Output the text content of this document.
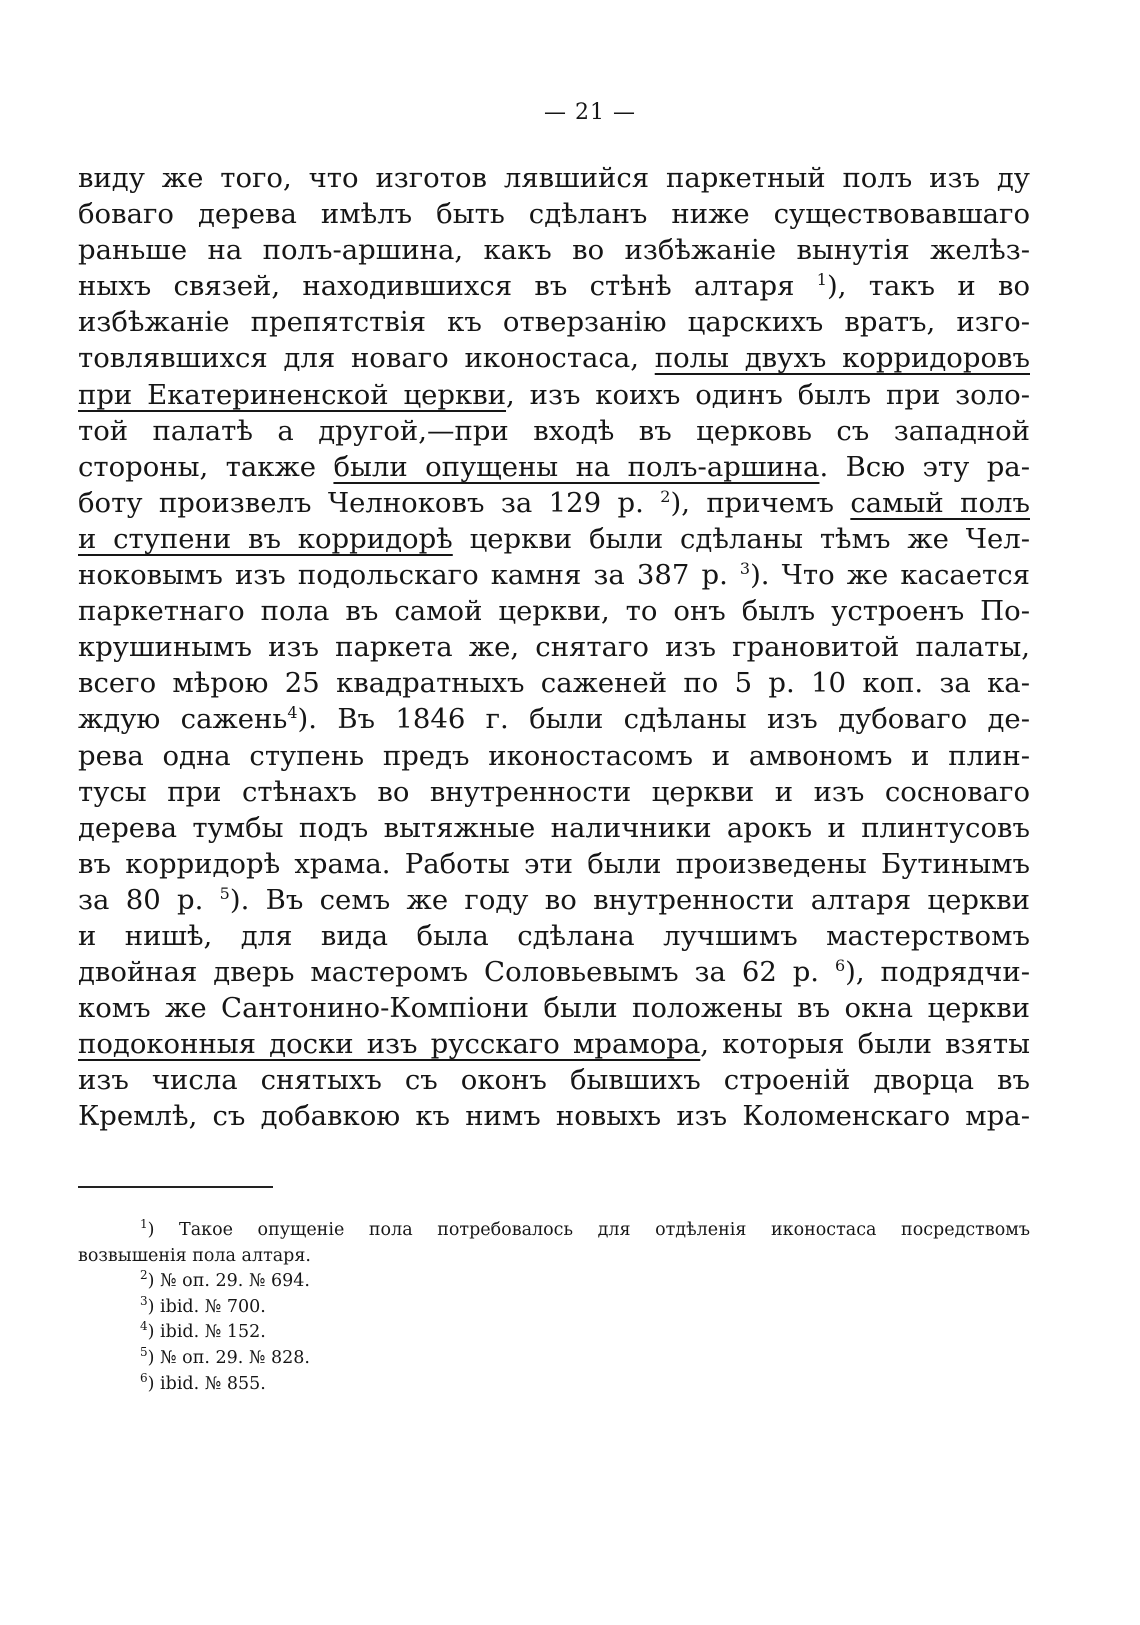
— 21 —
виду же того, что изготов лявшийся паркетный полъ изъ ду
боваго дерева имѣлъ быть сдѣланъ ниже существовавшаго
раньше на полъ-аршина, какъ во избѣжаніе вынутія желѣз-
ныхъ связей, находившихся въ стѣнѣ алтаря $^1$), такъ и во
избѣжаніе препятствія къ отверзанію царскихъ вратъ, изго-
товлявшихся для новаго иконостаса, полы двухъ корридоровъ
при Екатериненской церкви, изъ коихъ одинъ былъ при золо-
той палатѣ а другой,—при входѣ въ церковь съ западной
стороны, также были опущены на полъ-аршина. Всю эту ра-
боту произвелъ Челноковъ за 129 р. $^2$), причемъ самый полъ
и ступени въ корридорѣ церкви были сдѣланы тѣмъ же Чел-
ноковымъ изъ подольскаго камня за 387 р. $^3$). Что же касается
паркетнаго пола въ самой церкви, то онъ былъ устроенъ По-
крушинымъ изъ паркета же, снятаго изъ грановитой палаты,
всего мѣрою 25 квадратныхъ саженей по 5 р. 10 коп. за ка-
ждую сажень$^4$). Въ 1846 г. были сдѣланы изъ дубоваго де-
рева одна ступень предъ иконостасомъ и амвономъ и плин-
тусы при стѣнахъ во внутренности церкви и изъ сосноваго
дерева тумбы подъ вытяжные наличники арокъ и плинтусовъ
въ корридорѣ храма. Работы эти были произведены Бутинымъ
за 80 р. $^5$). Въ семъ же году во внутренности алтаря церкви
и нишѣ, для вида была сдѣлана лучшимъ мастерствомъ
двойная дверь мастеромъ Соловьевымъ за 62 р. $^6$), подрядчи-
комъ же Сантонино-Компіони были положены въ окна церкви
подоконныя доски изъ русскаго мрамора, которыя были взяты
изъ числа снятыхъ съ оконъ бывшихъ строеній дворца въ
Кремлѣ, съ добавкою къ нимъ новыхъ изъ Коломенскаго мра-
$^1$) Такое опущеніе пола потребовалось для отдѣленія иконостаса посредствомъ
возвышенія пола алтаря.
$^2$) № оп. 29. № 694.
$^3$) ibid. № 700.
$^4$) ibid. № 152.
$^5$) № оп. 29. № 828.
$^6$) ibid. № 855.
